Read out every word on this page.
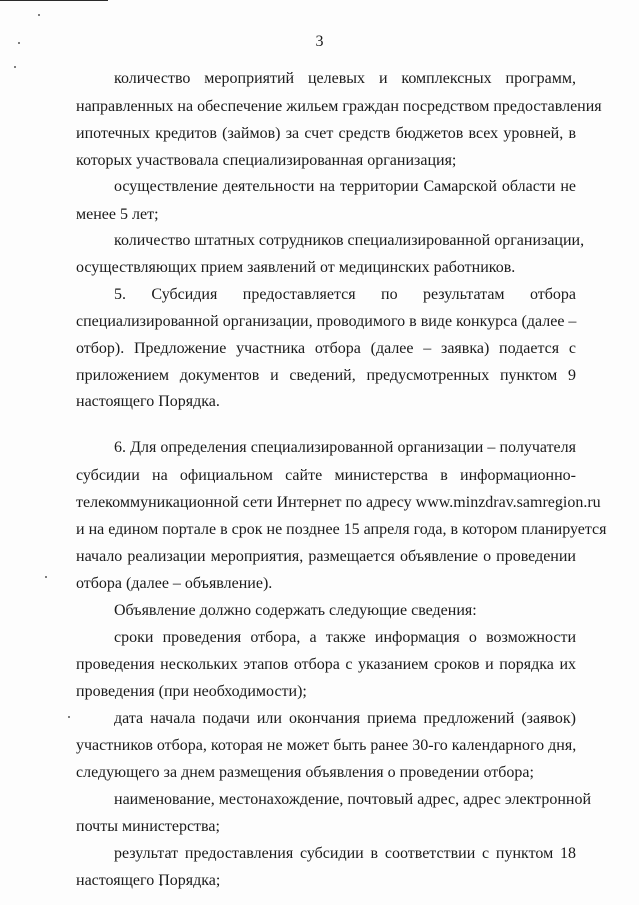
3
количество мероприятий целевых и комплексных программ,
направленных на обеспечение жильем граждан посредством предоставления
ипотечных кредитов (займов) за счет средств бюджетов всех уровней, в
которых участвовала специализированная организация;
осуществление деятельности на территории Самарской области не
менее 5 лет;
количество штатных сотрудников специализированной организации,
осуществляющих прием заявлений от медицинских работников.
5. Субсидия предоставляется по результатам отбора
специализированной организации, проводимого в виде конкурса (далее –
отбор). Предложение участника отбора (далее – заявка) подается с
приложением документов и сведений, предусмотренных пунктом 9
настоящего Порядка.
6. Для определения специализированной организации – получателя
субсидии на официальном сайте министерства в информационно-
телекоммуникационной сети Интернет по адресу www.minzdrav.samregion.ru
и на едином портале в срок не позднее 15 апреля года, в котором планируется
начало реализации мероприятия, размещается объявление о проведении
отбора (далее – объявление).
Объявление должно содержать следующие сведения:
сроки проведения отбора, а также информация о возможности
проведения нескольких этапов отбора с указанием сроков и порядка их
проведения (при необходимости);
дата начала подачи или окончания приема предложений (заявок)
участников отбора, которая не может быть ранее 30-го календарного дня,
следующего за днем размещения объявления о проведении отбора;
наименование, местонахождение, почтовый адрес, адрес электронной
почты министерства;
результат предоставления субсидии в соответствии с пунктом 18
настоящего Порядка;
